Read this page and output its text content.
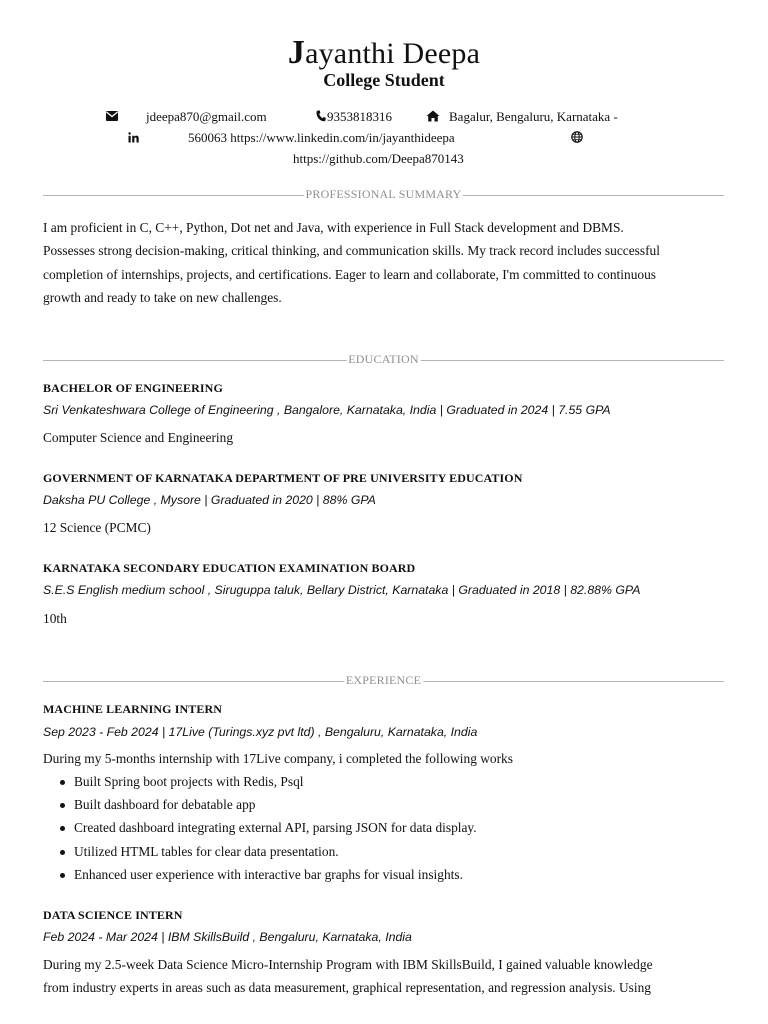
Jayanthi Deepa
College Student
jdeepa870@gmail.com	9353818316	Bagalur, Bengaluru, Karnataka -
560063 https://www.linkedin.com/in/jayanthideepa
https://github.com/Deepa870143
PROFESSIONAL SUMMARY
I am proficient in C, C++, Python, Dot net and Java, with experience in Full Stack development and DBMS.
Possesses strong decision-making, critical thinking, and communication skills. My track record includes successful
completion of internships, projects, and certifications. Eager to learn and collaborate, I'm committed to continuous
growth and ready to take on new challenges.
EDUCATION
BACHELOR OF ENGINEERING
Sri Venkateshwara College of Engineering , Bangalore, Karnataka, India | Graduated in 2024 | 7.55 GPA
Computer Science and Engineering
GOVERNMENT OF KARNATAKA DEPARTMENT OF PRE UNIVERSITY EDUCATION
Daksha PU College , Mysore | Graduated in 2020 | 88% GPA
12 Science (PCMC)
KARNATAKA SECONDARY EDUCATION EXAMINATION BOARD
S.E.S English medium school , Siruguppa taluk, Bellary District, Karnataka | Graduated in 2018 | 82.88% GPA
10th
EXPERIENCE
MACHINE LEARNING INTERN
Sep 2023 - Feb 2024 | 17Live (Turings.xyz pvt ltd) , Bengaluru, Karnataka, India
During my 5-months internship with 17Live company, i completed the following works
Built Spring boot projects with Redis, Psql
Built dashboard for debatable app
Created dashboard integrating external API, parsing JSON for data display.
Utilized HTML tables for clear data presentation.
Enhanced user experience with interactive bar graphs for visual insights.
DATA SCIENCE INTERN
Feb 2024 - Mar 2024 | IBM SkillsBuild , Bengaluru, Karnataka, India
During my 2.5-week Data Science Micro-Internship Program with IBM SkillsBuild, I gained valuable knowledge
from industry experts in areas such as data measurement, graphical representation, and regression analysis. Using
